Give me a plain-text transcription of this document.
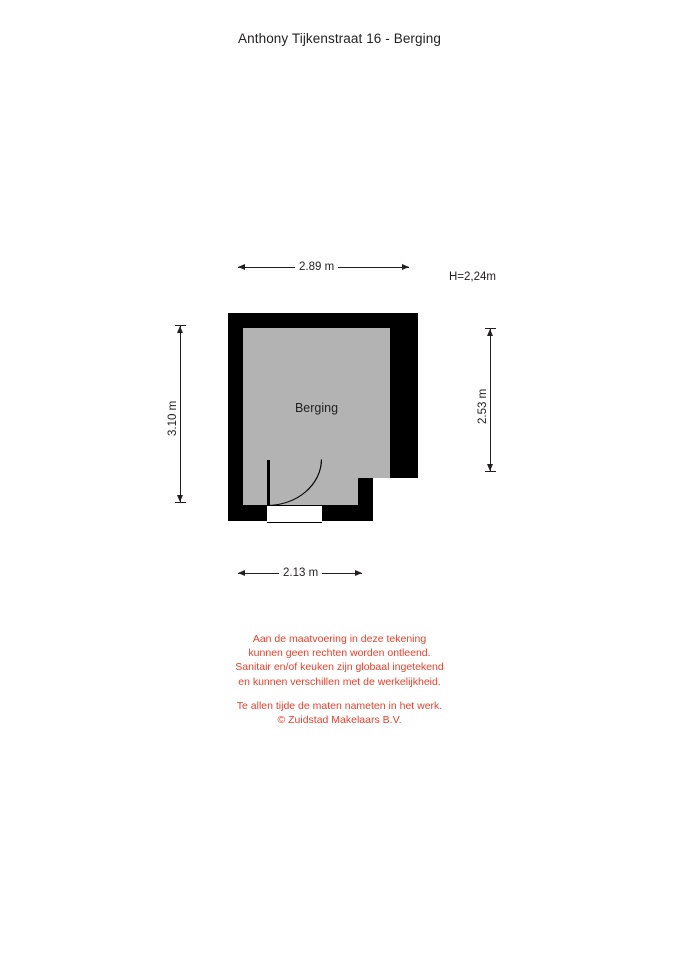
Anthony Tijkenstraat 16 - Berging
Berging
H=2,24m
2.89 m
2.13 m
3.10 m	2.53 m
Aan de maatvoering in deze tekening
kunnen geen rechten worden ontleend.
Sanitair en/of keuken zijn globaal ingetekend
en kunnen verschillen met de werkelijkheid.
Te allen tijde de maten nameten in het werk.
© Zuidstad Makelaars B.V.
